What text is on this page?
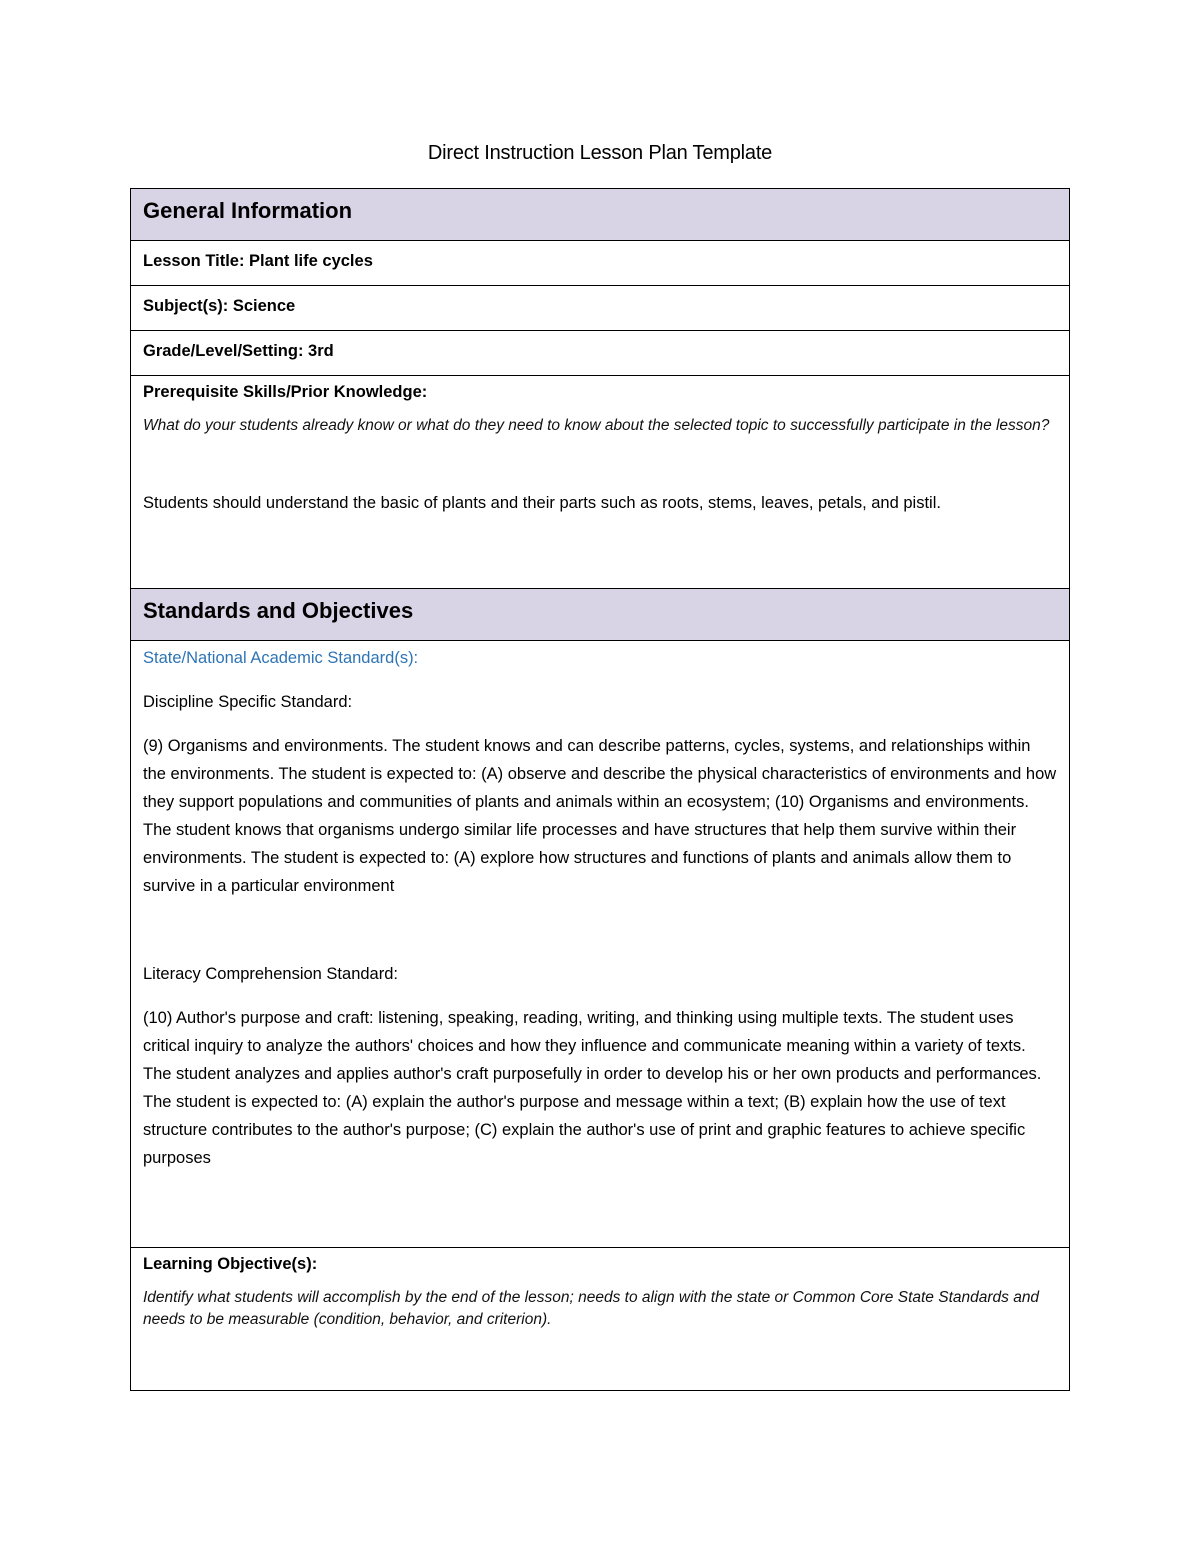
Direct Instruction Lesson Plan Template
General Information
Lesson Title: Plant life cycles
Subject(s): Science
Grade/Level/Setting: 3rd

Prerequisite Skills/Prior Knowledge:

What do your students already know or what do they need to know about the selected topic to successfully participate in the lesson?

Students should understand the basic of plants and their parts such as roots, stems, leaves, petals, and pistil.

Standards and Objectives

State/National Academic Standard(s):

Discipline Specific Standard:

(9) Organisms and environments. The student knows and can describe patterns, cycles, systems, and relationships within the environments. The student is expected to: (A) observe and describe the physical characteristics of environments and how they support populations and communities of plants and animals within an ecosystem; (10) Organisms and environments. The student knows that organisms undergo similar life processes and have structures that help them survive within their environments. The student is expected to: (A) explore how structures and functions of plants and animals allow them to survive in a particular environment

Literacy Comprehension Standard:

(10) Author's purpose and craft: listening, speaking, reading, writing, and thinking using multiple texts. The student uses critical inquiry to analyze the authors' choices and how they influence and communicate meaning within a variety of texts. The student analyzes and applies author's craft purposefully in order to develop his or her own products and performances. The student is expected to: (A) explain the author's purpose and message within a text; (B) explain how the use of text structure contributes to the author's purpose; (C) explain the author's use of print and graphic features to achieve specific purposes

Learning Objective(s):

Identify what students will accomplish by the end of the lesson; needs to align with the state or Common Core State Standards and needs to be measurable (condition, behavior, and criterion).
